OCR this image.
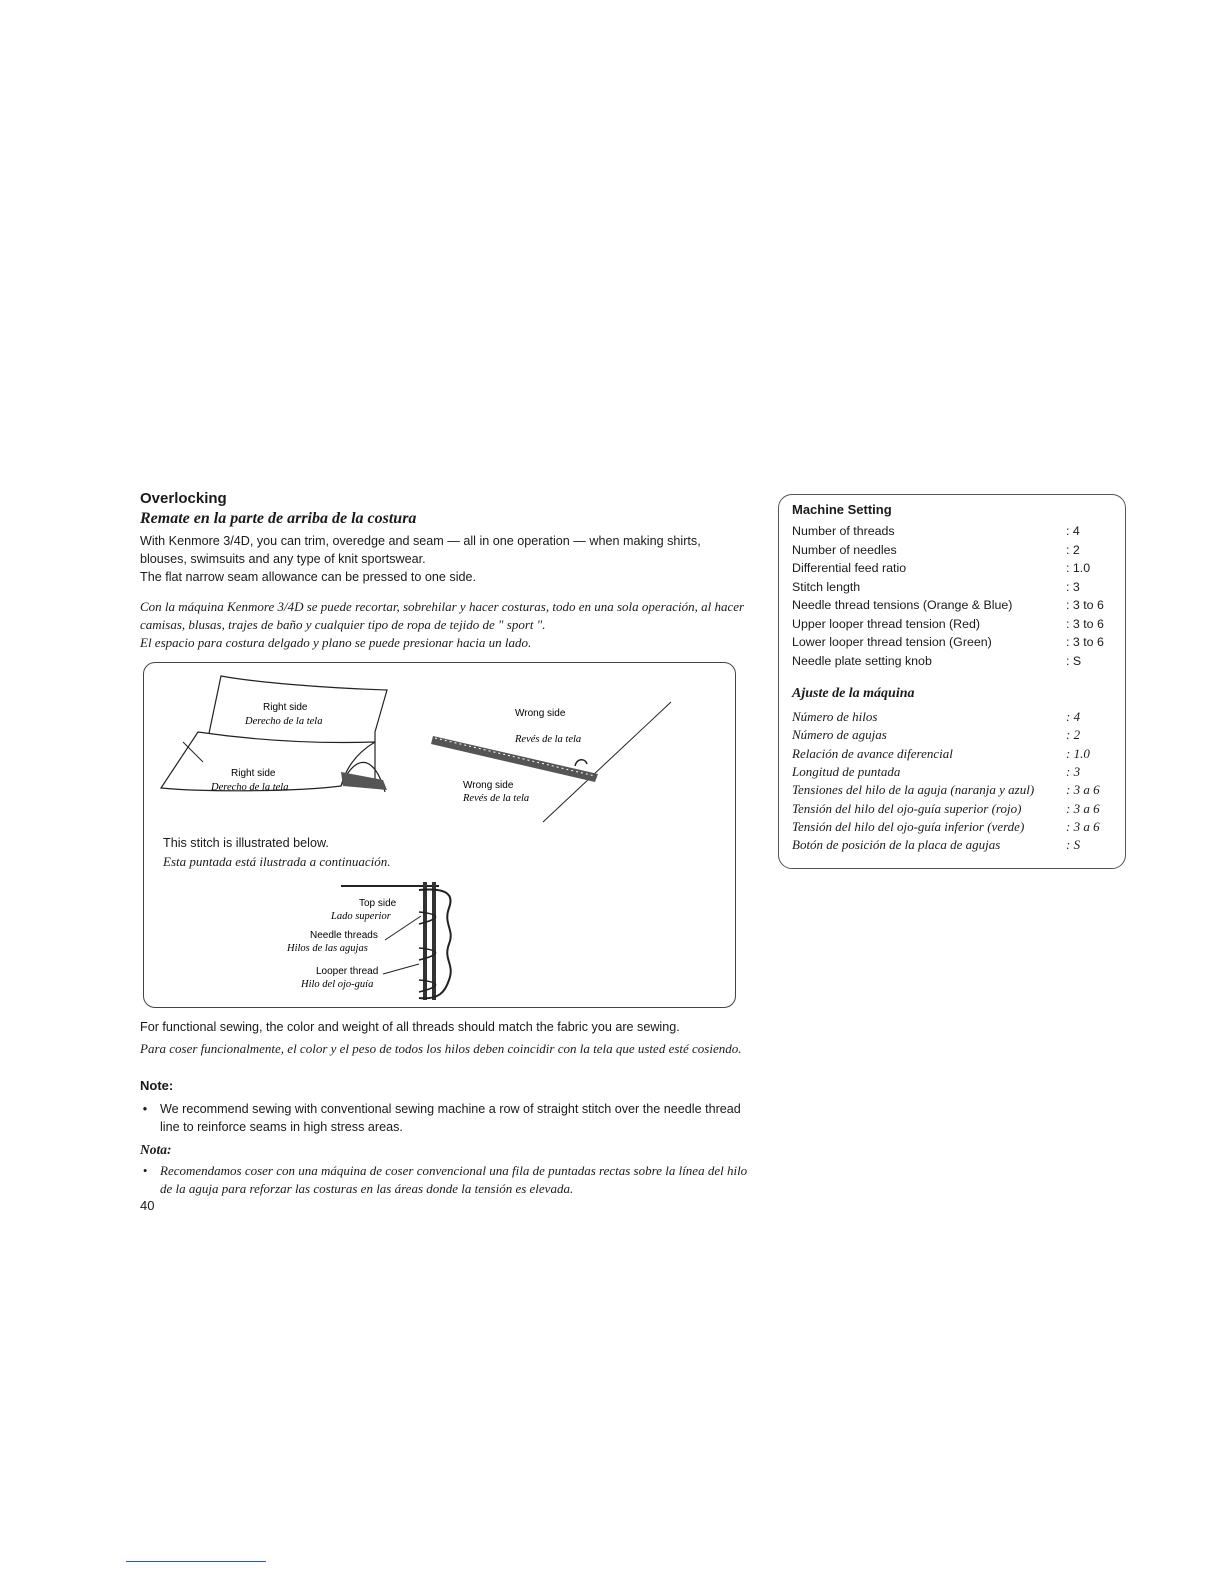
Overlocking
Remate en la parte de arriba de la costura
With Kenmore 3/4D, you can trim, overedge and seam — all in one operation — when making shirts, blouses, swimsuits and any type of knit sportswear.
The flat narrow seam allowance can be pressed to one side.
Con la máquina Kenmore 3/4D se puede recortar, sobrehilar y hacer costuras, todo en una sola operación, al hacer camisas, blusas, trajes de baño y cualquier tipo de ropa de tejido de " sport ".
El espacio para costura delgado y plano se puede presionar hacia un lado.
Right side
Derecho de la tela
Right side
Derecho de la tela
Wrong side
Revés de la tela
Wrong side
Revés de la tela
Top side
Lado superior
Needle threads
Hilos de las agujas
Looper thread
Hilo del ojo-guía
This stitch is illustrated below.
Esta puntada está ilustrada a continuación.
For functional sewing, the color and weight of all threads should match the fabric you are sewing.
Para coser funcionalmente, el color y el peso de todos los hilos deben coincidir con la tela que usted esté cosiendo.
Note:
• We recommend sewing with conventional sewing machine a row of straight stitch over the needle thread line to reinforce seams in high stress areas.
Nota:
• Recomendamos coser con una máquina de coser convencional una fila de puntadas rectas sobre la línea del hilo de la aguja para reforzar las costuras en las áreas donde la tensión es elevada.
40
Machine Setting
Number of threads	: 4
Number of needles	: 2
Differential feed ratio	: 1.0
Stitch length	: 3
Needle thread tensions (Orange & Blue)	: 3 to 6
Upper looper thread tension (Red)	: 3 to 6
Lower looper thread tension (Green)	: 3 to 6
Needle plate setting knob	: S
Ajuste de la máquina
Número de hilos	: 4
Número de agujas	: 2
Relación de avance diferencial	: 1.0
Longitud de puntada	: 3
Tensiones del hilo de la aguja (naranja y azul)	: 3 a 6
Tensión del hilo del ojo-guía superior (rojo)	: 3 a 6
Tensión del hilo del ojo-guía inferior (verde)	: 3 a 6
Botón de posición de la placa de agujas	: S
